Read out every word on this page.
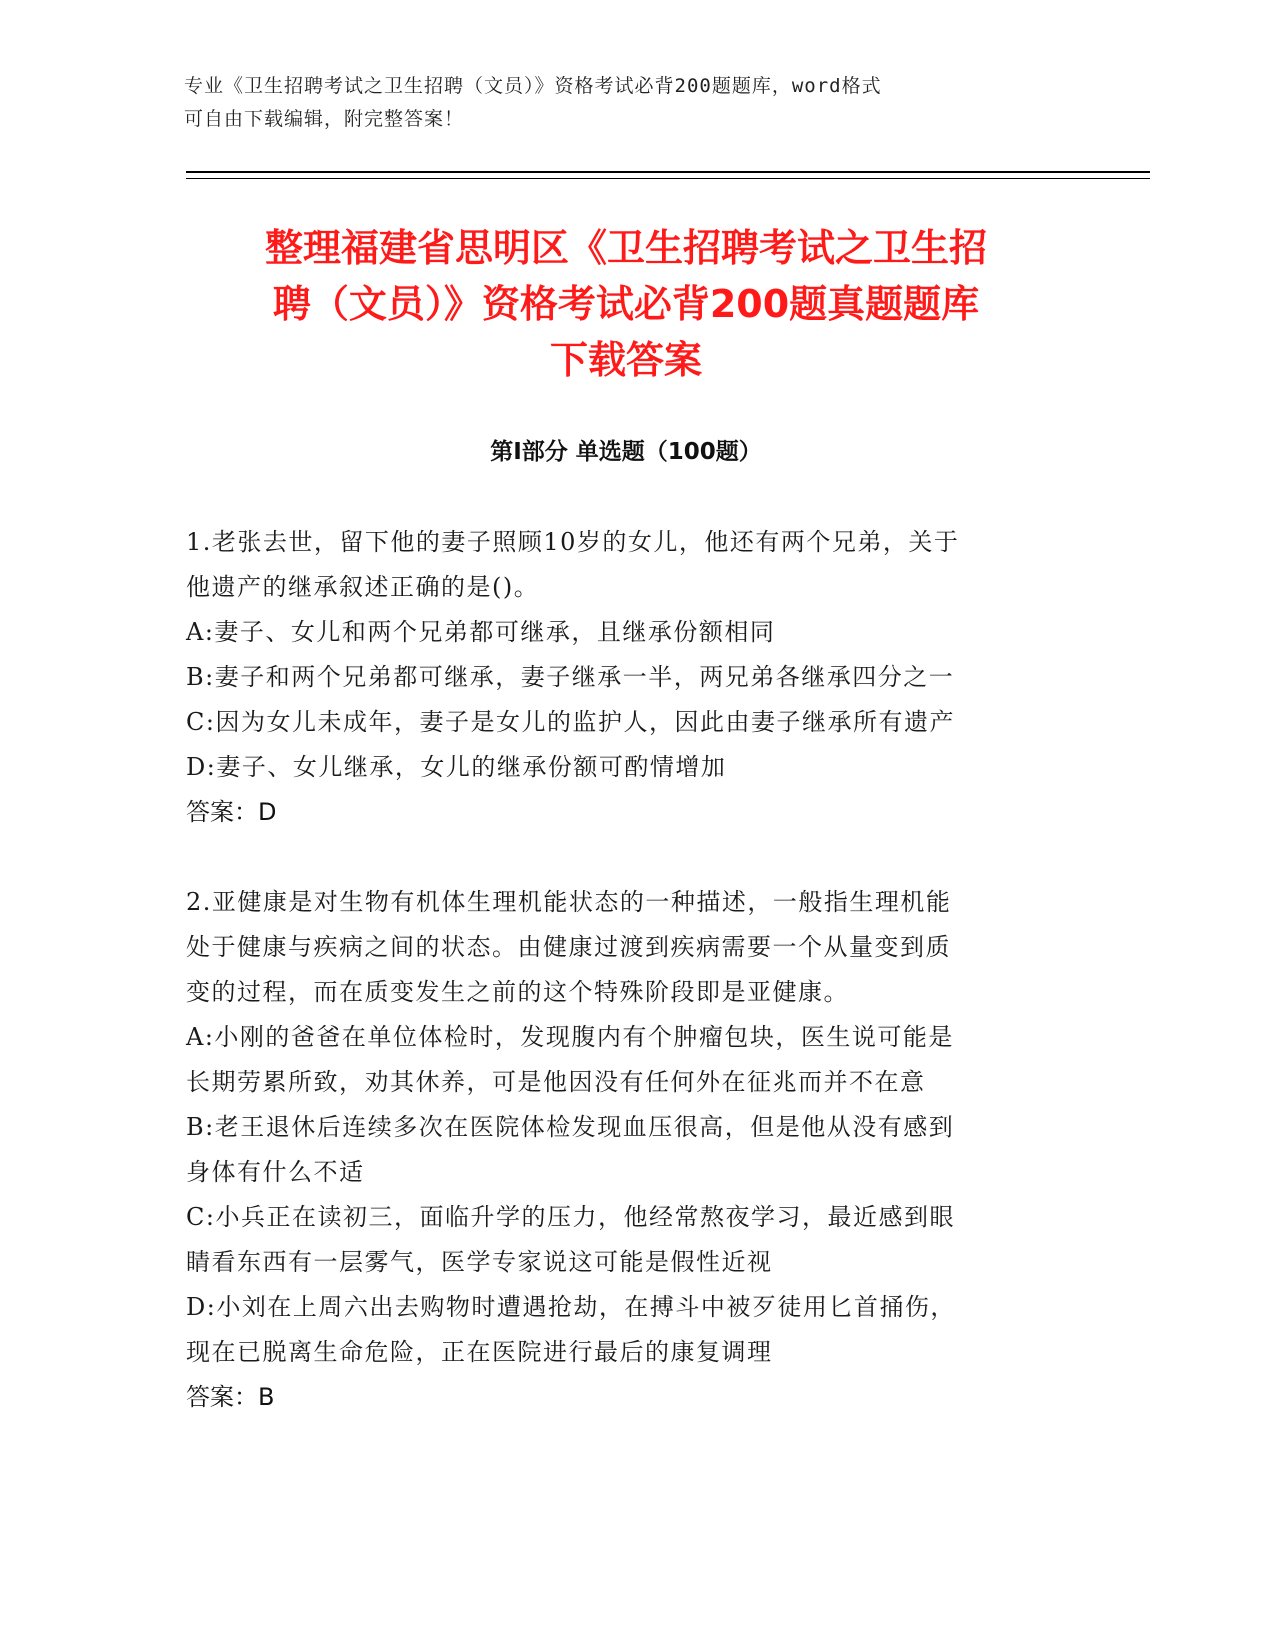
专业《卫生招聘考试之卫生招聘（文员）》资格考试必背200题题库，word格式

可自由下载编辑，附完整答案！

整理福建省思明区《卫生招聘考试之卫生招
聘（文员）》资格考试必背200题真题题库
下载答案
第Ⅰ部分 单选题（100题）

1.老张去世，留下他的妻子照顾10岁的女儿，他还有两个兄弟，关于

他遗产的继承叙述正确的是()。

A:妻子、女儿和两个兄弟都可继承，且继承份额相同

B:妻子和两个兄弟都可继承，妻子继承一半，两兄弟各继承四分之一

C:因为女儿未成年，妻子是女儿的监护人，因此由妻子继承所有遗产

D:妻子、女儿继承，女儿的继承份额可酌情增加

答案：D

2.亚健康是对生物有机体生理机能状态的一种描述，一般指生理机能

处于健康与疾病之间的状态。由健康过渡到疾病需要一个从量变到质

变的过程，而在质变发生之前的这个特殊阶段即是亚健康。

A:小刚的爸爸在单位体检时，发现腹内有个肿瘤包块，医生说可能是

长期劳累所致，劝其休养，可是他因没有任何外在征兆而并不在意

B:老王退休后连续多次在医院体检发现血压很高，但是他从没有感到

身体有什么不适

C:小兵正在读初三，面临升学的压力，他经常熬夜学习，最近感到眼

睛看东西有一层雾气，医学专家说这可能是假性近视

D:小刘在上周六出去购物时遭遇抢劫，在搏斗中被歹徒用匕首捅伤，

现在已脱离生命危险，正在医院进行最后的康复调理

答案：B
